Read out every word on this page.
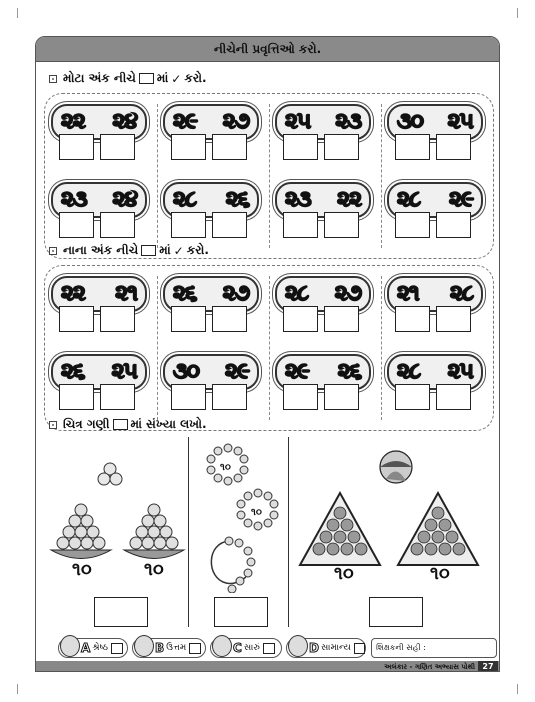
નીચેની પ્રવૃત્તિઓ કરો.
મોટા અંક નીચે માં ✓ કરો.
૨૨ ૨૪ ૨૯ ૨૭ ૨૫ ૨૩ ૩૦ ૨૫
૨૩ ૨૪ ૨૮ ૨૬ ૨૩ ૨૨ ૨૮ ૨૯
નાના અંક નીચે માં ✓ કરો.
૨૨ ૨૧ ૨૬ ૨૭ ૨૮ ૨૭ ૨૧ ૨૮
૨૬ ૨૫ ૩૦ ૨૯ ૨૯ ૨૬ ૨૮ ૨૫
ચિત્ર ગણી માં સંખ્યા લખો.
૧૦	૧૦
૧૦
૧૦
૧૦	૧૦
A શ્રેષ્ઠ	B ઉત્તમ	C સારું	D સામાન્ય	શિક્ષકની સહી :
અલંકાર - ગણિત અભ્યાસ પોથી 27
